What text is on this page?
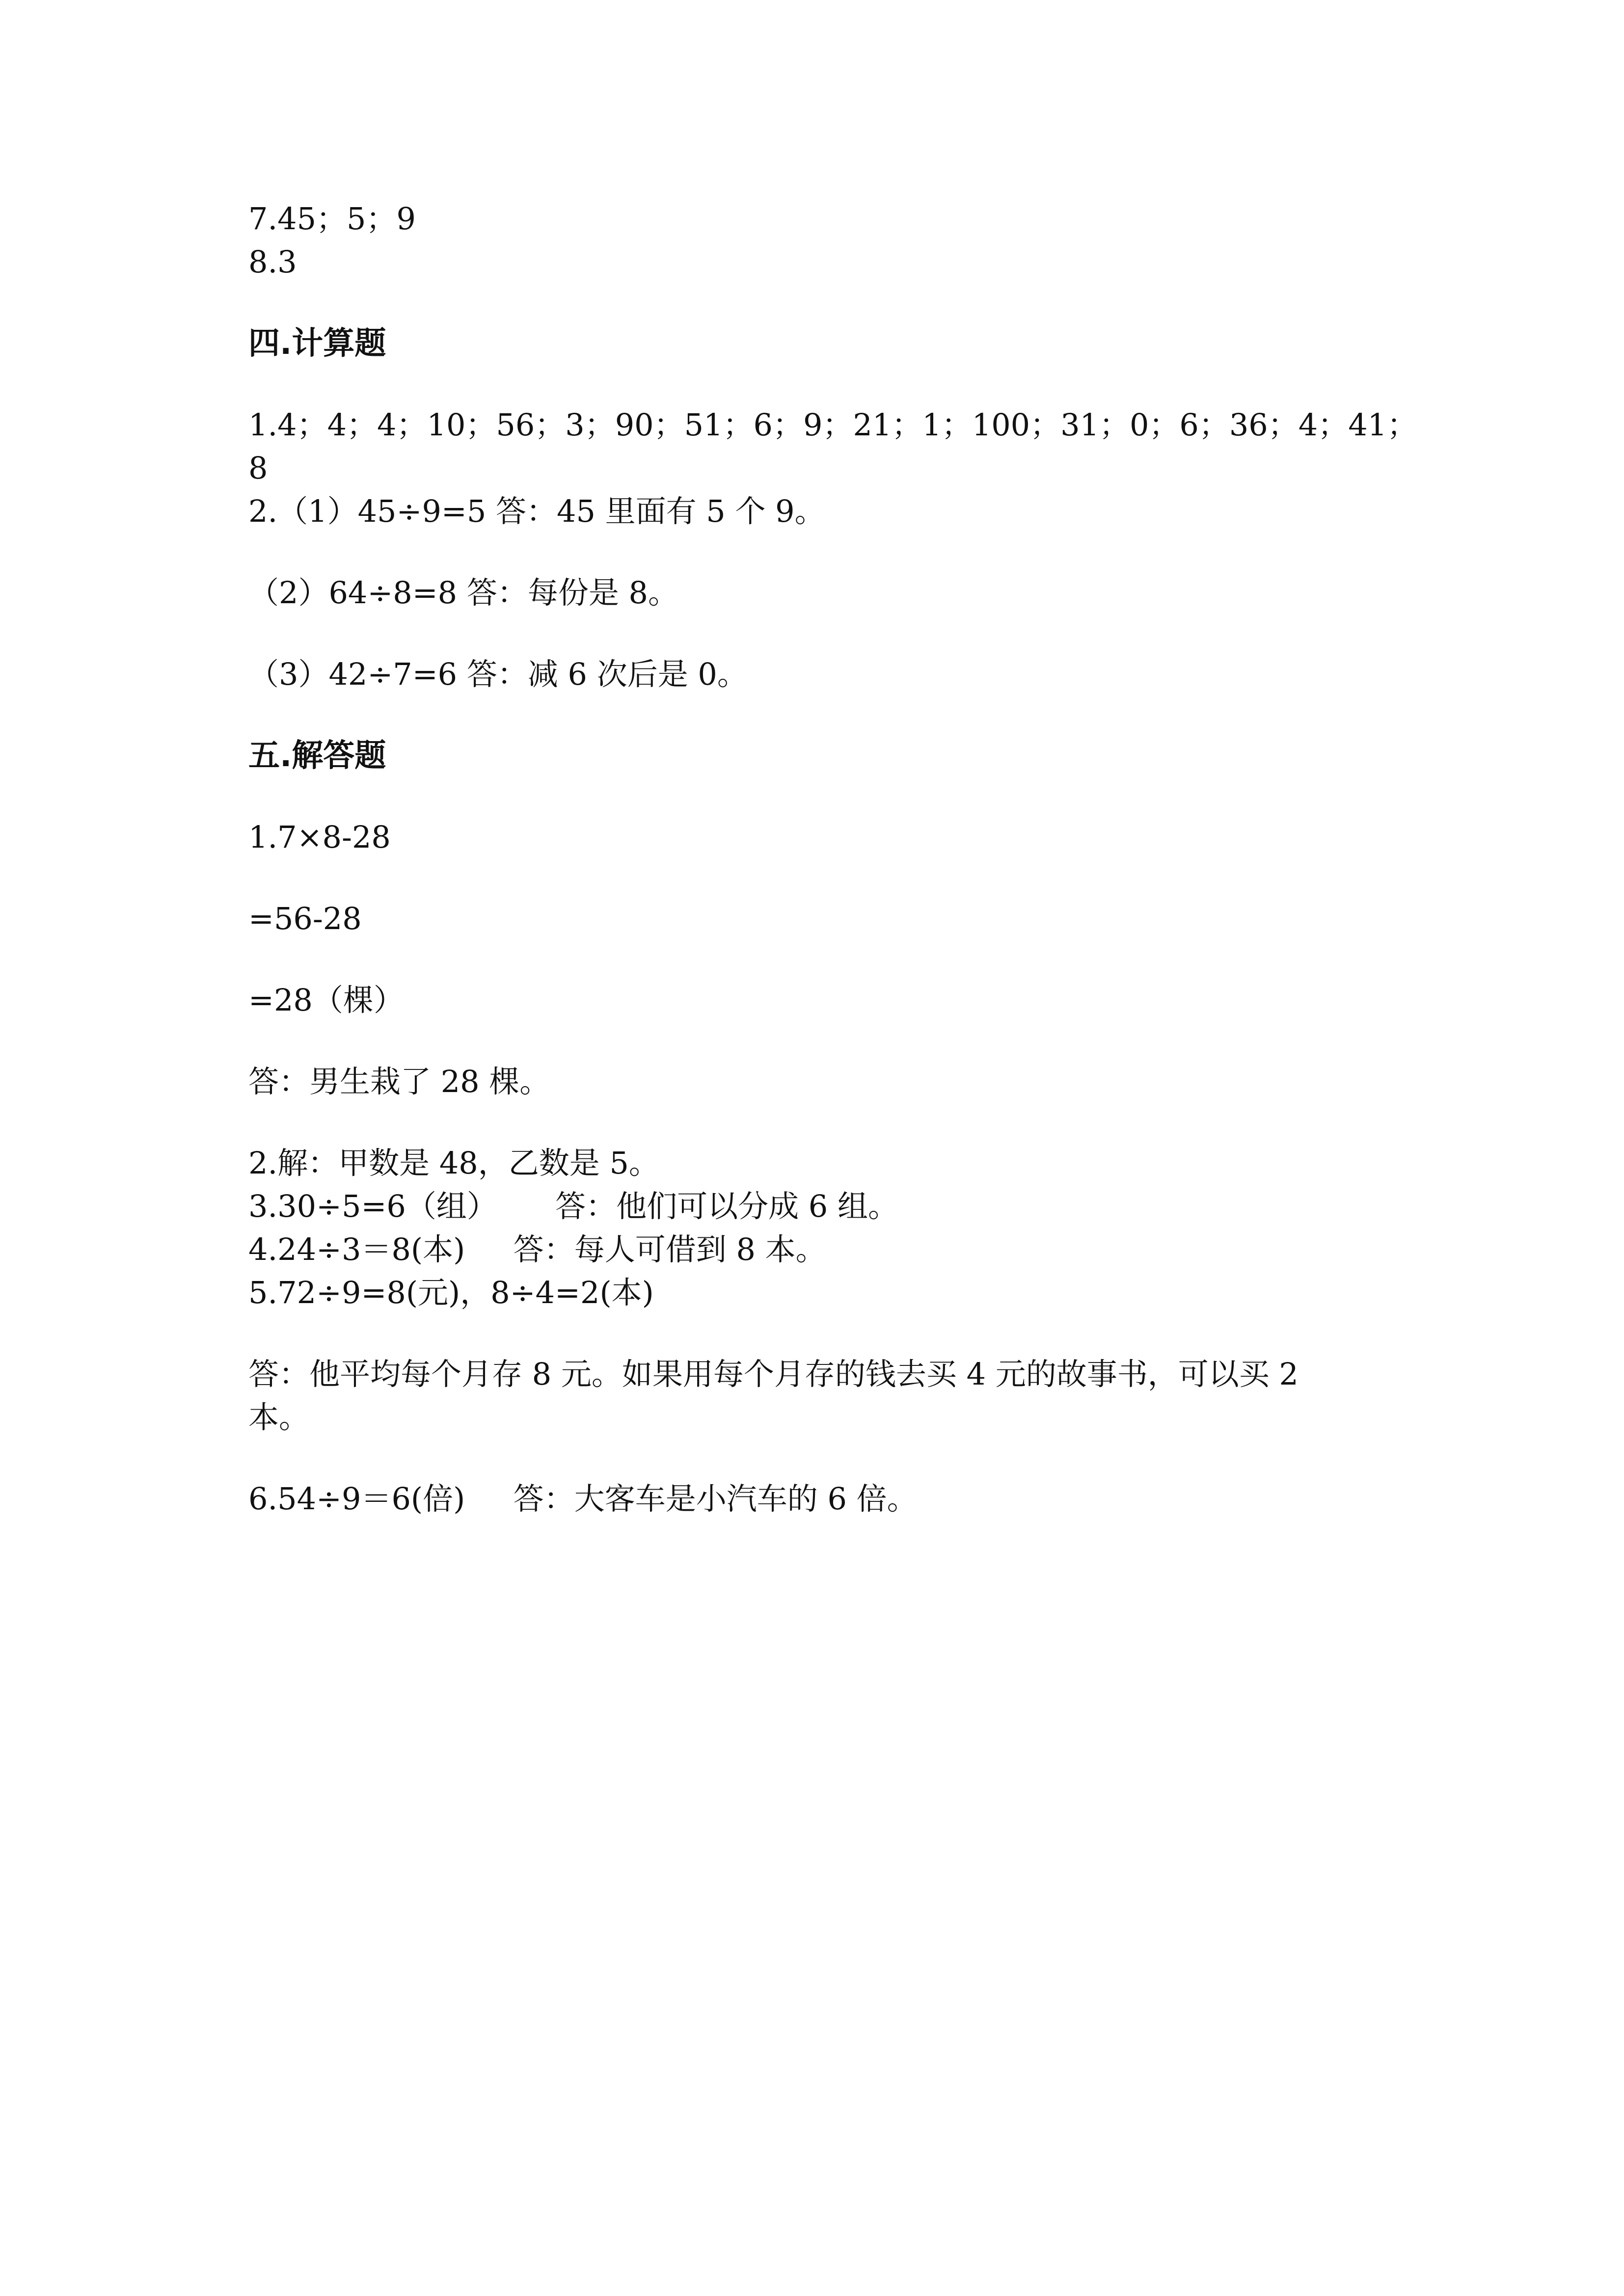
7.45；5；9
8.3
四.计算题
1.4；4；4；10；56；3；90；51；6；9；21；1；100；31；0；6；36；4；41；
8
2.（1）45÷9=5 答：45 里面有 5 个 9。
（2）64÷8=8 答：每份是 8。
（3）42÷7=6 答：减 6 次后是 0。
五.解答题
1.7×8-28
=56-28
=28（棵）
答：男生栽了 28 棵。
2.解：甲数是 48，乙数是 5。
3.30÷5=6（组）      答：他们可以分成 6 组。
4.24÷3＝8(本)     答：每人可借到 8 本。
5.72÷9=8(元)，8÷4=2(本)
答：他平均每个月存 8 元。如果用每个月存的钱去买 4 元的故事书，可以买 2
本。
6.54÷9＝6(倍)     答：大客车是小汽车的 6 倍。
